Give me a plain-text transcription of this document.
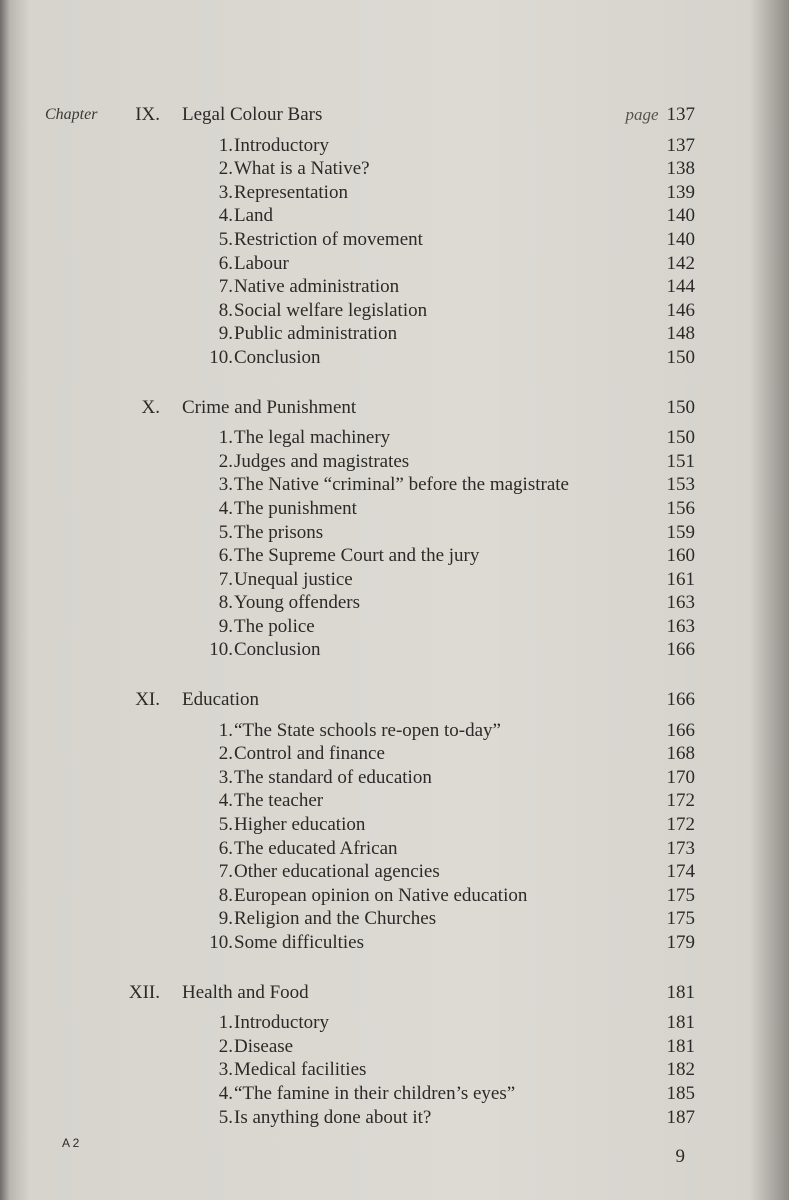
Chapter IX. Legal Colour Bars	page 137
1. Introductory	137
2. What is a Native?	138
3. Representation	139
4. Land	140
5. Restriction of movement	140
6. Labour	142
7. Native administration	144
8. Social welfare legislation	146
9. Public administration	148
10. Conclusion	150
X. Crime and Punishment	150
1. The legal machinery	150
2. Judges and magistrates	151
3. The Native “criminal” before the magistrate	153
4. The punishment	156
5. The prisons	159
6. The Supreme Court and the jury	160
7. Unequal justice	161
8. Young offenders	163
9. The police	163
10. Conclusion	166
XI. Education	166
1. “The State schools re-open to-day”	166
2. Control and finance	168
3. The standard of education	170
4. The teacher	172
5. Higher education	172
6. The educated African	173
7. Other educational agencies	174
8. European opinion on Native education	175
9. Religion and the Churches	175
10. Some difficulties	179
XII. Health and Food	181
1. Introductory	181
2. Disease	181
3. Medical facilities	182
4. “The famine in their children’s eyes”	185
5. Is anything done about it?	187
A 2
9
